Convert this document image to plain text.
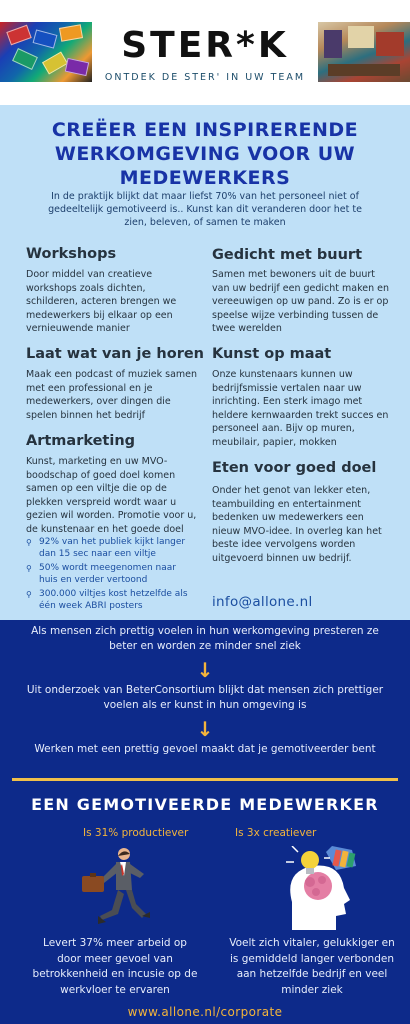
STER*K
ONTDEK DE STER' IN UW TEAM
CREËER EEN INSPIRERENDE WERKOMGEVING VOOR UW MEDEWERKERS
In de praktijk blijkt dat maar liefst 70% van het personeel niet of gedeeltelijk gemotiveerd is.. Kunst kan dit veranderen door het te zien, beleven, of samen te maken
Workshops
Door middel van creatieve workshops zoals dichten, schilderen, acteren brengen we medewerkers bij elkaar op een vernieuwende manier
Gedicht met buurt
Samen met bewoners uit de buurt van uw bedrijf een gedicht maken en vereeuwigen op uw pand. Zo is er op speelse wijze verbinding tussen de twee werelden
Laat wat van je horen
Maak een podcast of muziek samen met een professional en je medewerkers, over dingen die spelen binnen het bedrijf
Kunst op maat
Onze kunstenaars kunnen uw bedrijfsmissie vertalen naar uw inrichting. Een sterk imago met heldere kernwaarden trekt succes en personeel aan. Bijv op muren, meubilair, papier, mokken
Artmarketing
Kunst, marketing en uw MVO-boodschap of goed doel komen samen op een viltje die op de plekken verspreid wordt waar u gezien wil worden. Promotie voor u, de kunstenaar en het goede doel
⚲ 92% van het publiek kijkt langer dan 15 sec naar een viltje
⚲ 50% wordt meegenomen naar huis en verder vertoond
⚲ 300.000 viltjes kost hetzelfde als één week ABRI posters
Eten voor goed doel
Onder het genot van lekker eten, teambuilding en entertainment bedenken uw medewerkers een nieuw MVO-idee. In overleg kan het beste idee vervolgens worden uitgevoerd binnen uw bedrijf.
info@allone.nl
Als mensen zich prettig voelen in hun werkomgeving presteren ze beter en worden ze minder snel ziek
↓
Uit onderzoek van BeterConsortium blijkt dat mensen zich prettiger voelen als er kunst in hun omgeving is
↓
Werken met een prettig gevoel maakt dat je gemotiveerder bent
EEN GEMOTIVEERDE MEDEWERKER
Is 31% productiever	Is 3x creatiever
Levert 37% meer arbeid op door meer gevoel van betrokkenheid en incusie op de werkvloer te ervaren
Voelt zich vitaler, gelukkiger en is gemiddeld langer verbonden aan hetzelfde bedrijf en veel minder ziek
www.allone.nl/corporate
